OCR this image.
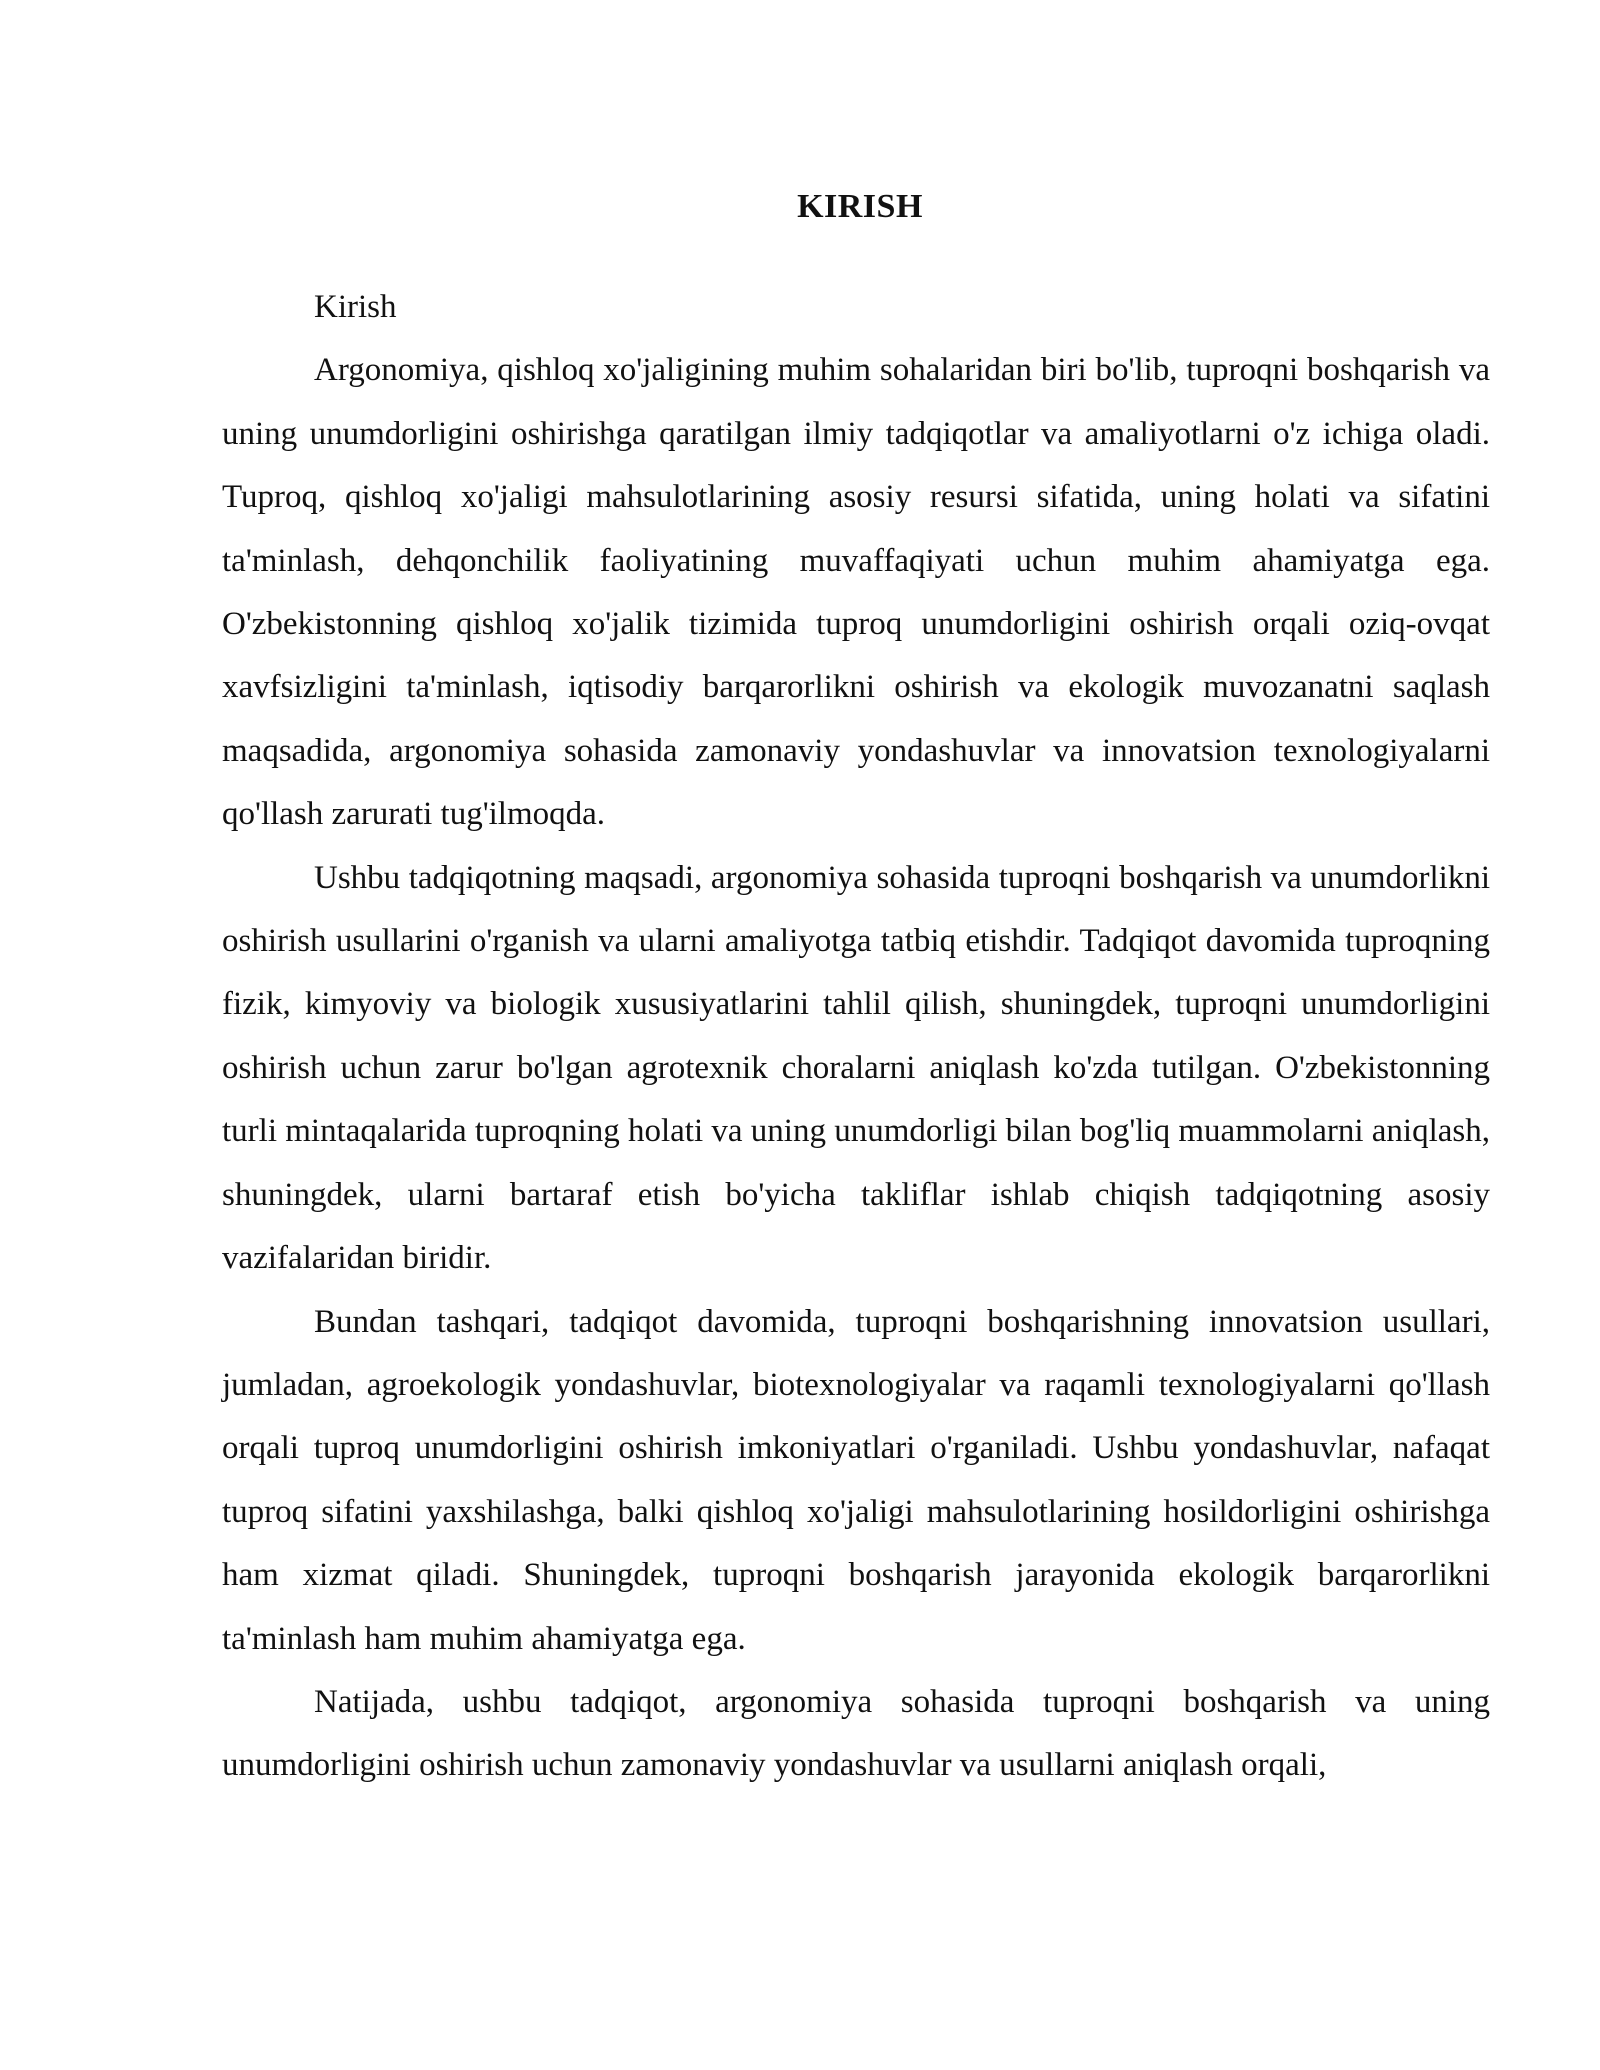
KIRISH

Kirish

Argonomiya, qishloq xo'jaligining muhim sohalaridan biri bo'lib, tuproqni boshqarish va uning unumdorligini oshirishga qaratilgan ilmiy tadqiqotlar va amaliyotlarni o'z ichiga oladi. Tuproq, qishloq xo'jaligi mahsulotlarining asosiy resursi sifatida, uning holati va sifatini ta'minlash, dehqonchilik faoliyatining muvaffaqiyati uchun muhim ahamiyatga ega. O'zbekistonning qishloq xo'jalik tizimida tuproq unumdorligini oshirish orqali oziq-ovqat xavfsizligini ta'minlash, iqtisodiy barqarorlikni oshirish va ekologik muvozanatni saqlash maqsadida, argonomiya sohasida zamonaviy yondashuvlar va innovatsion texnologiyalarni qo'llash zarurati tug'ilmoqda.

Ushbu tadqiqotning maqsadi, argonomiya sohasida tuproqni boshqarish va unumdorlikni oshirish usullarini o'rganish va ularni amaliyotga tatbiq etishdir. Tadqiqot davomida tuproqning fizik, kimyoviy va biologik xususiyatlarini tahlil qilish, shuningdek, tuproqni unumdorligini oshirish uchun zarur bo'lgan agrotexnik choralarni aniqlash ko'zda tutilgan. O'zbekistonning turli mintaqalarida tuproqning holati va uning unumdorligi bilan bog'liq muammolarni aniqlash, shuningdek, ularni bartaraf etish bo'yicha takliflar ishlab chiqish tadqiqotning asosiy vazifalaridan biridir.

Bundan tashqari, tadqiqot davomida, tuproqni boshqarishning innovatsion usullari, jumladan, agroekologik yondashuvlar, biotexnologiyalar va raqamli texnologiyalarni qo'llash orqali tuproq unumdorligini oshirish imkoniyatlari o'rganiladi. Ushbu yondashuvlar, nafaqat tuproq sifatini yaxshilashga, balki qishloq xo'jaligi mahsulotlarining hosildorligini oshirishga ham xizmat qiladi. Shuningdek, tuproqni boshqarish jarayonida ekologik barqarorlikni ta'minlash ham muhim ahamiyatga ega.

Natijada, ushbu tadqiqot, argonomiya sohasida tuproqni boshqarish va uning unumdorligini oshirish uchun zamonaviy yondashuvlar va usullarni aniqlash orqali,
